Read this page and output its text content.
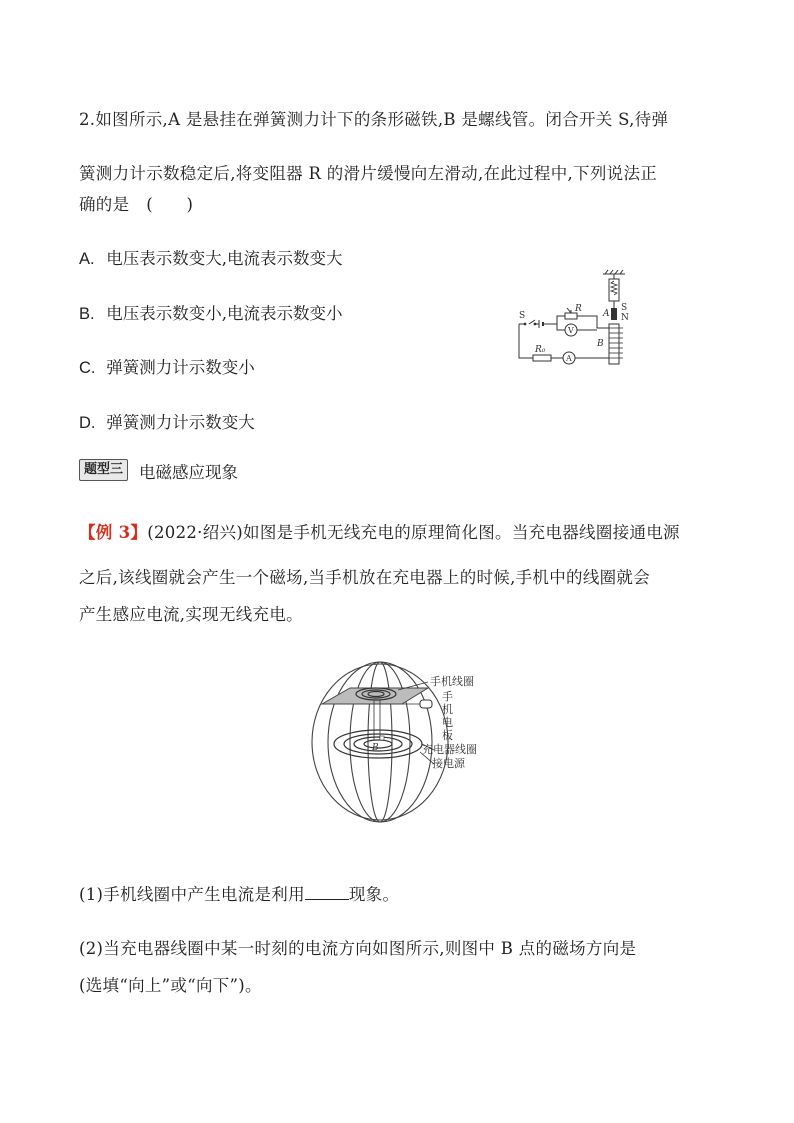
2.如图所示,A 是悬挂在弹簧测力计下的条形磁铁,B 是螺线管。闭合开关 S,待弹
簧测力计示数稳定后,将变阻器 R 的滑片缓慢向左滑动,在此过程中,下列说法正
确的是　(　　)
A. 电压表示数变大,电流表示数变大
B. 电压表示数变小,电流表示数变小
C. 弹簧测力计示数变小
D. 弹簧测力计示数变大
S
N
A
B
S
R
V
R₀
A
题型三 电磁感应现象
【例 3】(2022·绍兴)如图是手机无线充电的原理简化图。当充电器线圈接通电源
之后,该线圈就会产生一个磁场,当手机放在充电器上的时候,手机中的线圈就会
产生感应电流,实现无线充电。
B
手机线圈
手
机
电
板
充电器线圈
接电源
(1)手机线圈中产生电流是利用	现象。
(2)当充电器线圈中某一时刻的电流方向如图所示,则图中 B 点的磁场方向是
(选填“向上”或“向下”)。
